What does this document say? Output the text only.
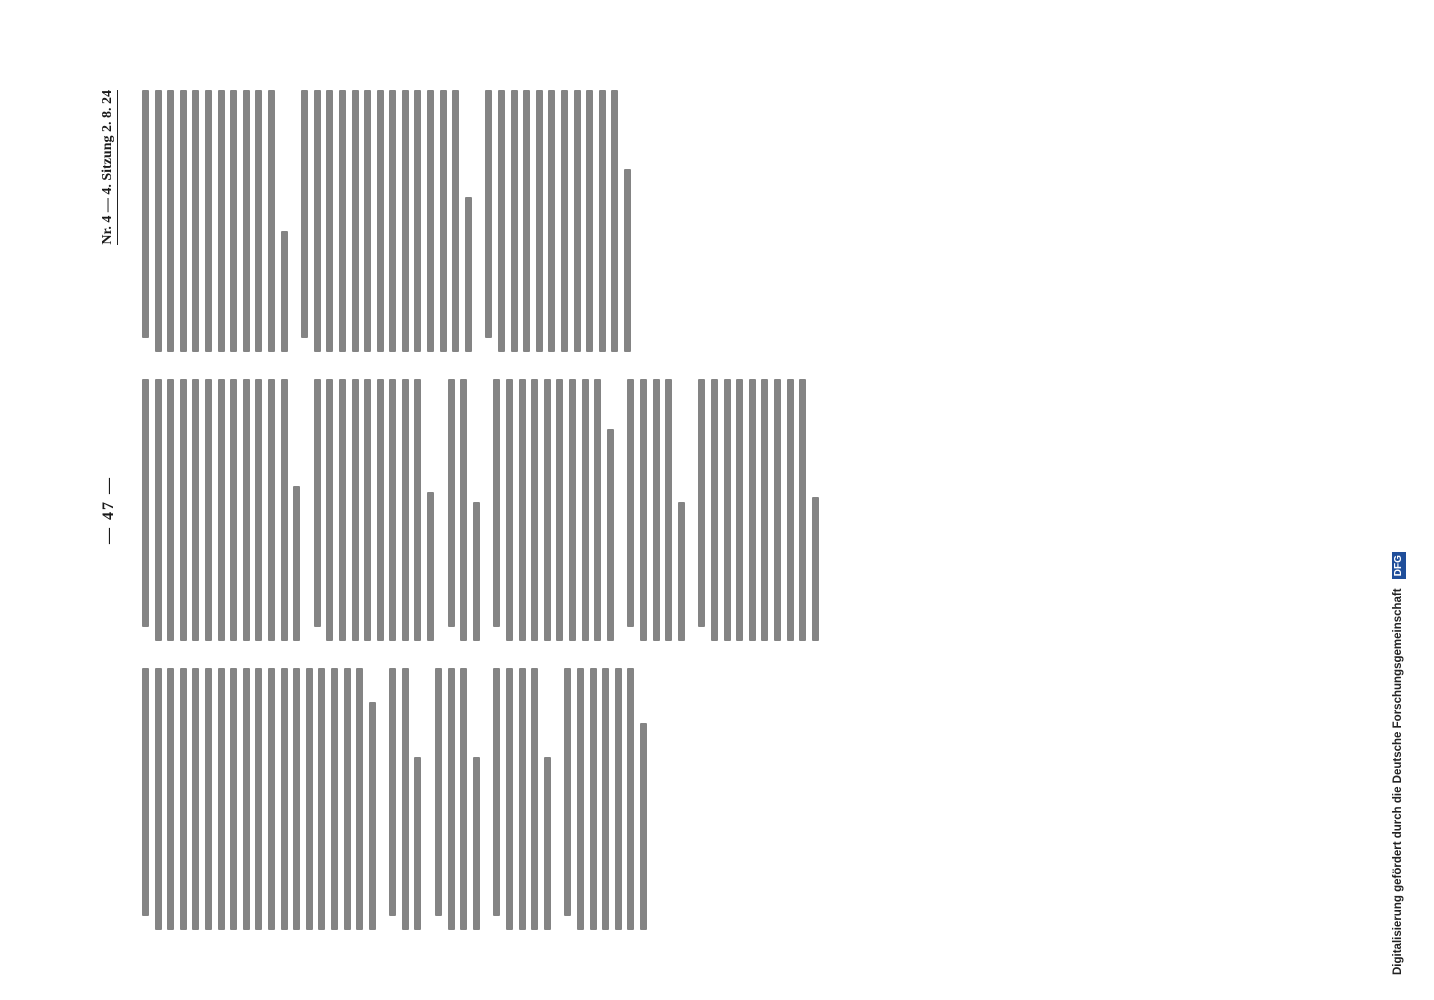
— 47 —
Nr. 4 — 4. Sitzung 2. 8. 24
Digitalisierung gefördert durch die Deutsche Forschungsgemeinschaft DFG
